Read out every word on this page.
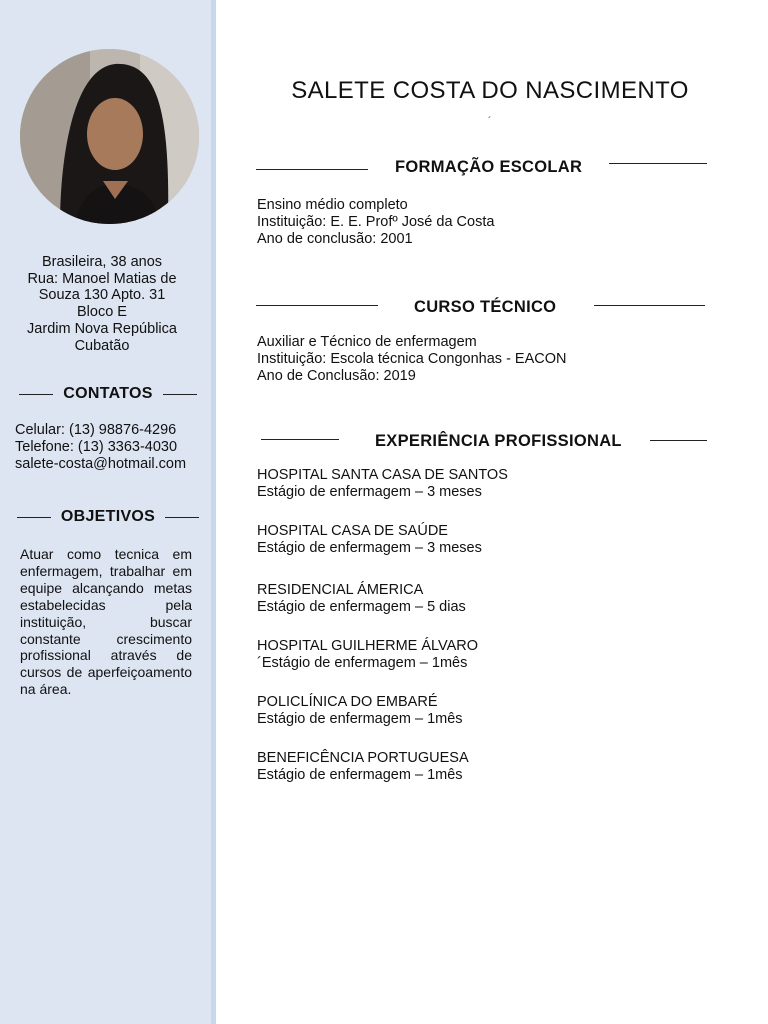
Brasileira, 38 anos
Rua: Manoel Matias de
Souza 130 Apto. 31
Bloco E
Jardim Nova República
Cubatão
CONTATOS
Celular: (13) 98876-4296
Telefone: (13) 3363-4030
salete-costa@hotmail.com
OBJETIVOS
Atuar como tecnica em enfermagem, trabalhar em equipe alcançando metas estabelecidas pela instituição, buscar constante crescimento profissional através de cursos de aperfeiçoamento na área.
SALETE COSTA DO NASCIMENTO
´
FORMAÇÃO ESCOLAR
Ensino médio completo
Instituição: E. E. Profº José da Costa
Ano de conclusão: 2001
CURSO TÉCNICO
Auxiliar e Técnico de enfermagem
Instituição: Escola técnica Congonhas - EACON
Ano de Conclusão: 2019
EXPERIÊNCIA PROFISSIONAL
HOSPITAL SANTA CASA DE SANTOS
Estágio de enfermagem – 3 meses
HOSPITAL CASA DE SAÚDE
Estágio de enfermagem – 3 meses
RESIDENCIAL ÁMERICA
Estágio de enfermagem – 5 dias
HOSPITAL GUILHERME ÁLVARO
´Estágio de enfermagem – 1mês
POLICLÍNICA DO EMBARÉ
Estágio de enfermagem – 1mês
BENEFICÊNCIA PORTUGUESA
Estágio de enfermagem – 1mês
